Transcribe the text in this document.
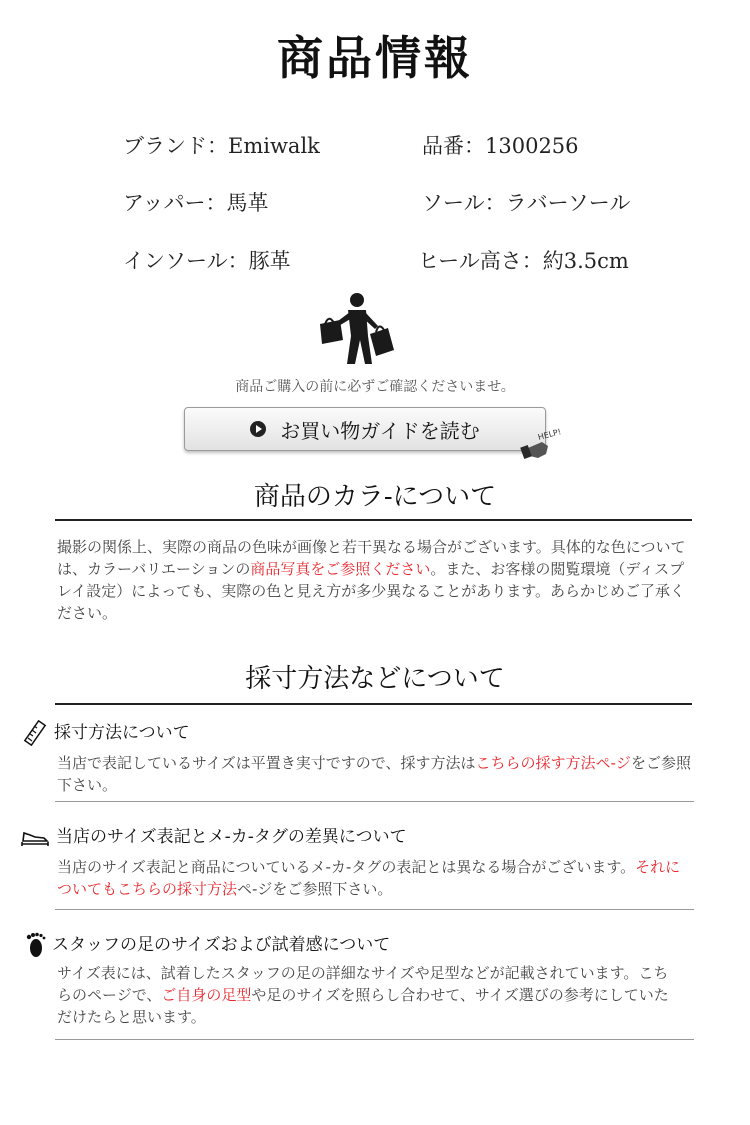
商品情報
ブランド：Emiwalk	品番：1300256
アッパー：馬革	ソール：ラバーソール
インソール：豚革	ヒール高さ：約3.5cm
商品ご購入の前に必ずご確認くださいませ。
お買い物ガイドを読む	HELP!
商品のカラ-について
撮影の関係上、実際の商品の色味が画像と若干異なる場合がございます。具体的な色については、カラーバリエーションの商品写真をご参照ください。また、お客様の閲覧環境（ディスプレイ設定）によっても、実際の色と見え方が多少異なることがあります。あらかじめご了承ください。
採寸方法などについて
採寸方法について
当店で表記しているサイズは平置き実寸ですので、採す方法はこちらの採す方法ペ-ジをご参照下さい。
当店のサイズ表記とメ-カ-タグの差異について
当店のサイズ表記と商品についているメ-カ-タグの表記とは異なる場合がございます。それについてもこちらの採寸方法ペ-ジをご参照下さい。
スタッフの足のサイズおよび試着感について
サイズ表には、試着したスタッフの足の詳細なサイズや足型などが記載されています。こちらのページで、ご自身の足型や足のサイズを照らし合わせて、サイズ選びの参考にしていただけたらと思います。
